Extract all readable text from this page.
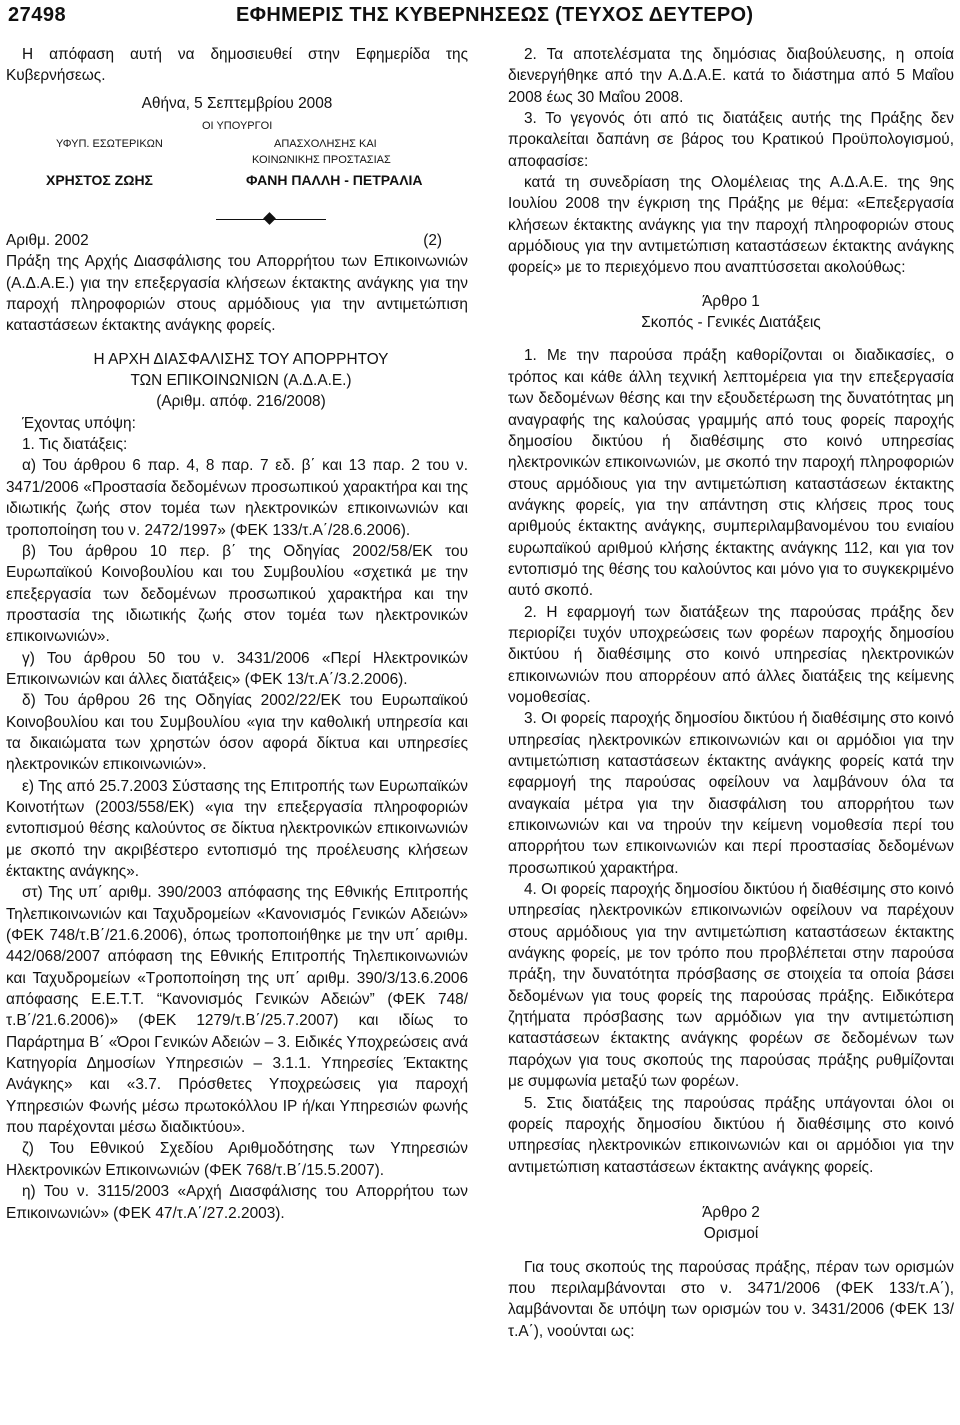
27498	ΕΦΗΜΕΡΙΣ ΤΗΣ ΚΥΒΕΡΝΗΣΕΩΣ (ΤΕΥΧΟΣ ΔΕΥΤΕΡΟ)

Η απόφαση αυτή να δημοσιευθεί στην Εφημερίδα της Κυβερνήσεως.

Αθήνα, 5 Σεπτεμβρίου 2008

ΟΙ ΥΠΟΥΡΓΟΙ
ΥΦΥΠ. ΕΣΩΤΕΡΙΚΩΝ	ΑΠΑΣΧΟΛΗΣΗΣ ΚΑΙ
ΚΟΙΝΩΝΙΚΗΣ ΠΡΟΣΤΑΣΙΑΣ
ΧΡΗΣΤΟΣ ΖΩΗΣ	ΦΑΝΗ ΠΑΛΛΗ - ΠΕΤΡΑΛΙΑ

Αριθμ. 2002	(2)

Πράξη της Αρχής Διασφάλισης του Απορρήτου των Επικοινωνιών (Α.Δ.Α.Ε.) για την επεξεργασία κλήσεων έκτακτης ανάγκης για την παροχή πληροφοριών στους αρμόδιους για την αντιμετώπιση καταστάσεων έκτακτης ανάγκης φορείς.

Η ΑΡΧΗ ΔΙΑΣΦΑΛΙΣΗΣ ΤΟΥ ΑΠΟΡΡΗΤΟΥ

ΤΩΝ ΕΠΙΚΟΙΝΩΝΙΩΝ (Α.Δ.Α.Ε.)

(Αριθμ. απόφ. 216/2008)

Έχοντας υπόψη:

1. Τις διατάξεις:

α) Του άρθρου 6 παρ. 4, 8 παρ. 7 εδ. β΄ και 13 παρ. 2 του ν. 3471/2006 «Προστασία δεδομένων προσωπικού χαρακτήρα και της ιδιωτικής ζωής στον τομέα των ηλεκτρονικών επικοινωνιών και τροποποίηση του ν. 2472/1997» (ΦΕΚ 133/τ.Α΄/28.6.2006).

β) Του άρθρου 10 περ. β΄ της Οδηγίας 2002/58/ΕΚ του Ευρωπαϊκού Κοινοβουλίου και του Συμβουλίου «σχετικά με την επεξεργασία των δεδομένων προσωπικού χαρακτήρα και την προστασία της ιδιωτικής ζωής στον τομέα των ηλεκτρονικών επικοινωνιών».

γ) Του άρθρου 50 του ν. 3431/2006 «Περί Ηλεκτρονικών Επικοινωνιών και άλλες διατάξεις» (ΦΕΚ 13/τ.Α΄/3.2.2006).

δ) Του άρθρου 26 της Οδηγίας 2002/22/ΕΚ του Ευρωπαϊκού Κοινοβουλίου και του Συμβουλίου «για την καθολική υπηρεσία και τα δικαιώματα των χρηστών όσον αφορά δίκτυα και υπηρεσίες ηλεκτρονικών επικοινωνιών».

ε) Της από 25.7.2003 Σύστασης της Επιτροπής των Ευρωπαϊκών Κοινοτήτων (2003/558/ΕΚ) «για την επεξεργασία πληροφοριών εντοπισμού θέσης καλούντος σε δίκτυα ηλεκτρονικών επικοινωνιών με σκοπό την ακριβέστερο εντοπισμό της προέλευσης κλήσεων έκτακτης ανάγκης».

στ) Της υπ΄ αριθμ. 390/2003 απόφασης της Εθνικής Επιτροπής Τηλεπικοινωνιών και Ταχυδρομείων «Κανονισμός Γενικών Αδειών» (ΦΕΚ 748/τ.Β΄/21.6.2006), όπως τροποποιήθηκε με την υπ΄ αριθμ. 442/068/2007 απόφαση της Εθνικής Επιτροπής Τηλεπικοινωνιών και Ταχυδρομείων «Τροποποίηση της υπ΄ αριθμ. 390/3/13.6.2006 απόφασης Ε.Ε.Τ.Τ. “Κανονισμός Γενικών Αδειών” (ΦΕΚ 748/τ.Β΄/21.6.2006)» (ΦΕΚ 1279/τ.Β΄/25.7.2007) και ιδίως το Παράρτημα Β΄ «Όροι Γενικών Αδειών – 3. Ειδικές Υποχρεώσεις ανά Κατηγορία Δημοσίων Υπηρεσιών – 3.1.1. Υπηρεσίες Έκτακτης Ανάγκης» και «3.7. Πρόσθετες Υποχρεώσεις για παροχή Υπηρεσιών Φωνής μέσω πρωτοκόλλου IP ή/και Υπηρεσιών φωνής που παρέχονται μέσω διαδικτύου».

ζ) Του Εθνικού Σχεδίου Αριθμοδότησης των Υπηρεσιών Ηλεκτρονικών Επικοινωνιών (ΦΕΚ 768/τ.Β΄/15.5.2007).

η) Του ν. 3115/2003 «Αρχή Διασφάλισης του Απορρήτου των Επικοινωνιών» (ΦΕΚ 47/τ.Α΄/27.2.2003).

2. Τα αποτελέσματα της δημόσιας διαβούλευσης, η οποία διενεργήθηκε από την Α.Δ.Α.Ε. κατά το διάστημα από 5 Μαΐου 2008 έως 30 Μαΐου 2008.

3. Το γεγονός ότι από τις διατάξεις αυτής της Πράξης δεν προκαλείται δαπάνη σε βάρος του Κρατικού Προϋπολογισμού, αποφασίσε:

κατά τη συνεδρίαση της Ολομέλειας της Α.Δ.Α.Ε. της 9ης Ιουλίου 2008 την έγκριση της Πράξης με θέμα: «Επεξεργασία κλήσεων έκτακτης ανάγκης για την παροχή πληροφοριών στους αρμόδιους για την αντιμετώπιση καταστάσεων έκτακτης ανάγκης φορείς» με το περιεχόμενο που αναπτύσσεται ακολούθως:

Άρθρο 1

Σκοπός - Γενικές Διατάξεις

1. Με την παρούσα πράξη καθορίζονται οι διαδικασίες, ο τρόπος και κάθε άλλη τεχνική λεπτομέρεια για την επεξεργασία των δεδομένων θέσης και την εξουδετέρωση της δυνατότητας μη αναγραφής της καλούσας γραμμής από τους φορείς παροχής δημοσίου δικτύου ή διαθέσιμης στο κοινό υπηρεσίας ηλεκτρονικών επικοινωνιών, με σκοπό την παροχή πληροφοριών στους αρμόδιους για την αντιμετώπιση καταστάσεων έκτακτης ανάγκης φορείς, για την απάντηση στις κλήσεις προς τους αριθμούς έκτακτης ανάγκης, συμπεριλαμβανομένου του ενιαίου ευρωπαϊκού αριθμού κλήσης έκτακτης ανάγκης 112, και για τον εντοπισμό της θέσης του καλούντος και μόνο για το συγκεκριμένο αυτό σκοπό.

2. Η εφαρμογή των διατάξεων της παρούσας πράξης δεν περιορίζει τυχόν υποχρεώσεις των φορέων παροχής δημοσίου δικτύου ή διαθέσιμης στο κοινό υπηρεσίας ηλεκτρονικών επικοινωνιών που απορρέουν από άλλες διατάξεις της κείμενης νομοθεσίας.

3. Οι φορείς παροχής δημοσίου δικτύου ή διαθέσιμης στο κοινό υπηρεσίας ηλεκτρονικών επικοινωνιών και οι αρμόδιοι για την αντιμετώπιση καταστάσεων έκτακτης ανάγκης φορείς κατά την εφαρμογή της παρούσας οφείλουν να λαμβάνουν όλα τα αναγκαία μέτρα για την διασφάλιση του απορρήτου των επικοινωνιών και να τηρούν την κείμενη νομοθεσία περί του απορρήτου των επικοινωνιών και περί προστασίας δεδομένων προσωπικού χαρακτήρα.

4. Οι φορείς παροχής δημοσίου δικτύου ή διαθέσιμης στο κοινό υπηρεσίας ηλεκτρονικών επικοινωνιών οφείλουν να παρέχουν στους αρμόδιους για την αντιμετώπιση καταστάσεων έκτακτης ανάγκης φορείς, με τον τρόπο που προβλέπεται στην παρούσα πράξη, την δυνατότητα πρόσβασης σε στοιχεία τα οποία βάσει δεδομένων για τους φορείς της παρούσας πράξης. Ειδικότερα ζητήματα πρόσβασης των αρμόδιων για την αντιμετώπιση καταστάσεων έκτακτης ανάγκης φορέων σε δεδομένων των παρόχων για τους σκοπούς της παρούσας πράξης ρυθμίζονται με συμφωνία μεταξύ των φορέων.

5. Στις διατάξεις της παρούσας πράξης υπάγονται όλοι οι φορείς παροχής δημοσίου δικτύου ή διαθέσιμης στο κοινό υπηρεσίας ηλεκτρονικών επικοινωνιών και οι αρμόδιοι για την αντιμετώπιση καταστάσεων έκτακτης ανάγκης φορείς.

Άρθρο 2

Ορισμοί

Για τους σκοπούς της παρούσας πράξης, πέραν των ορισμών που περιλαμβάνονται στο ν. 3471/2006 (ΦΕΚ 133/τ.Α΄), λαμβάνονται δε υπόψη των ορισμών του ν. 3431/2006 (ΦΕΚ 13/τ.Α΄), νοούνται ως:
